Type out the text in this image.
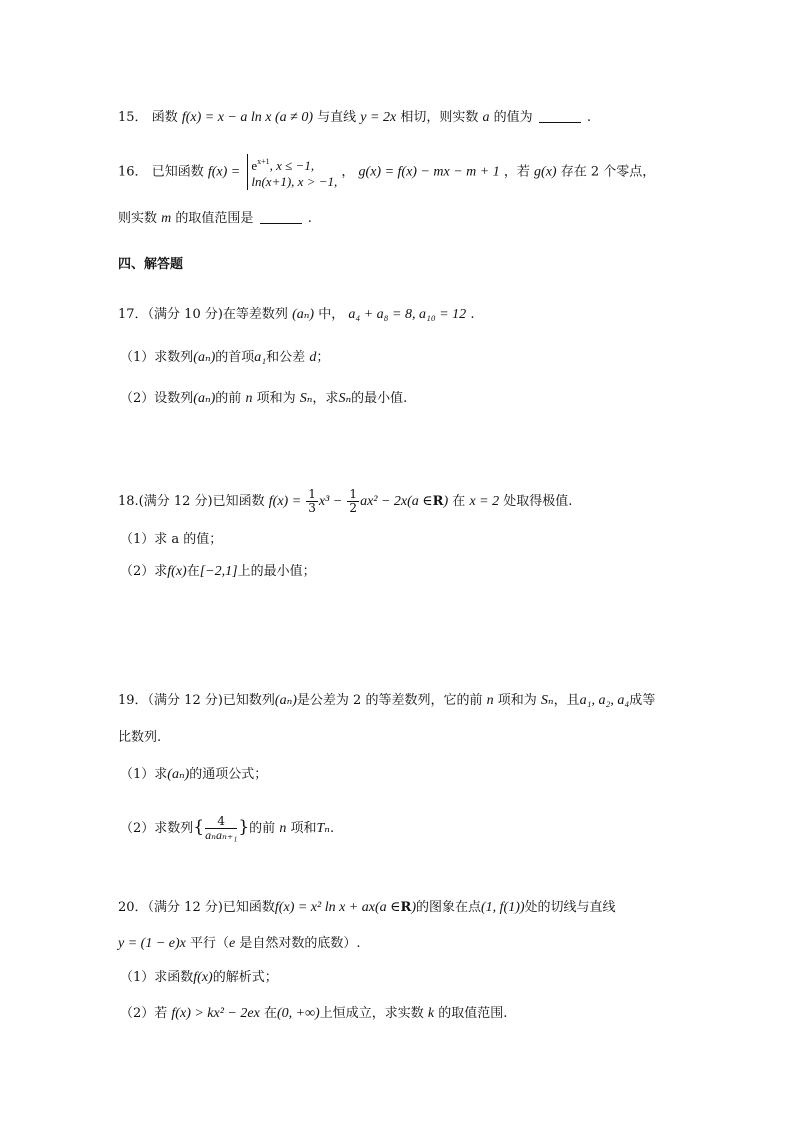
15． 函数 f(x) = x − a ln x (a ≠ 0) 与直线 y = 2x 相切，则实数 a 的值为	.
16． 已知函数 $f(x) = e^{x+1}$, x ≤ −1,
ln(x+1), x > −1,
， g(x) = f(x) − mx − m + 1 ，若 g(x) 存在 2 个零点，
则实数 m 的取值范围是	.
四、解答题
17．（满分 10 分)在等差数列 (aₙ) 中， a₄ + a₈ = 8, a₁₀ = 12 .
（1）求数列(aₙ)的首项a₁和公差 d；
（2）设数列(aₙ)的前 n 项和为 Sₙ，求Sₙ的最小值.
18.(满分 12 分)已知函数 $f(x) = \frac{1}{3} x^3 - \frac{1}{2} ax^2 - 2x(a$ ∈R) 在 x = 2 处取得极值.
（1）求 a 的值；
（2）求f(x)在[−2,1]上的最小值；
19．（满分 12 分)已知数列(aₙ)是公差为 2 的等差数列，它的前 n 项和为 Sₙ，且a₁, a₂, a₄成等
比数列.
（1）求(aₙ)的通项公式；
（2）求数列{ $\frac{4}{\text{aₙaₙ₊₁}}$ }的前 n 项和Tₙ.
20．（满分 12 分)已知函数f(x) = x² ln x + ax(a ∈R)的图象在点(1, f(1))处的切线与直线
y = (1 − e)x 平行（e 是自然对数的底数）.
（1）求函数f(x)的解析式；
（2）若 f(x) > kx² − 2ex 在(0, +∞)上恒成立，求实数 k 的取值范围.
